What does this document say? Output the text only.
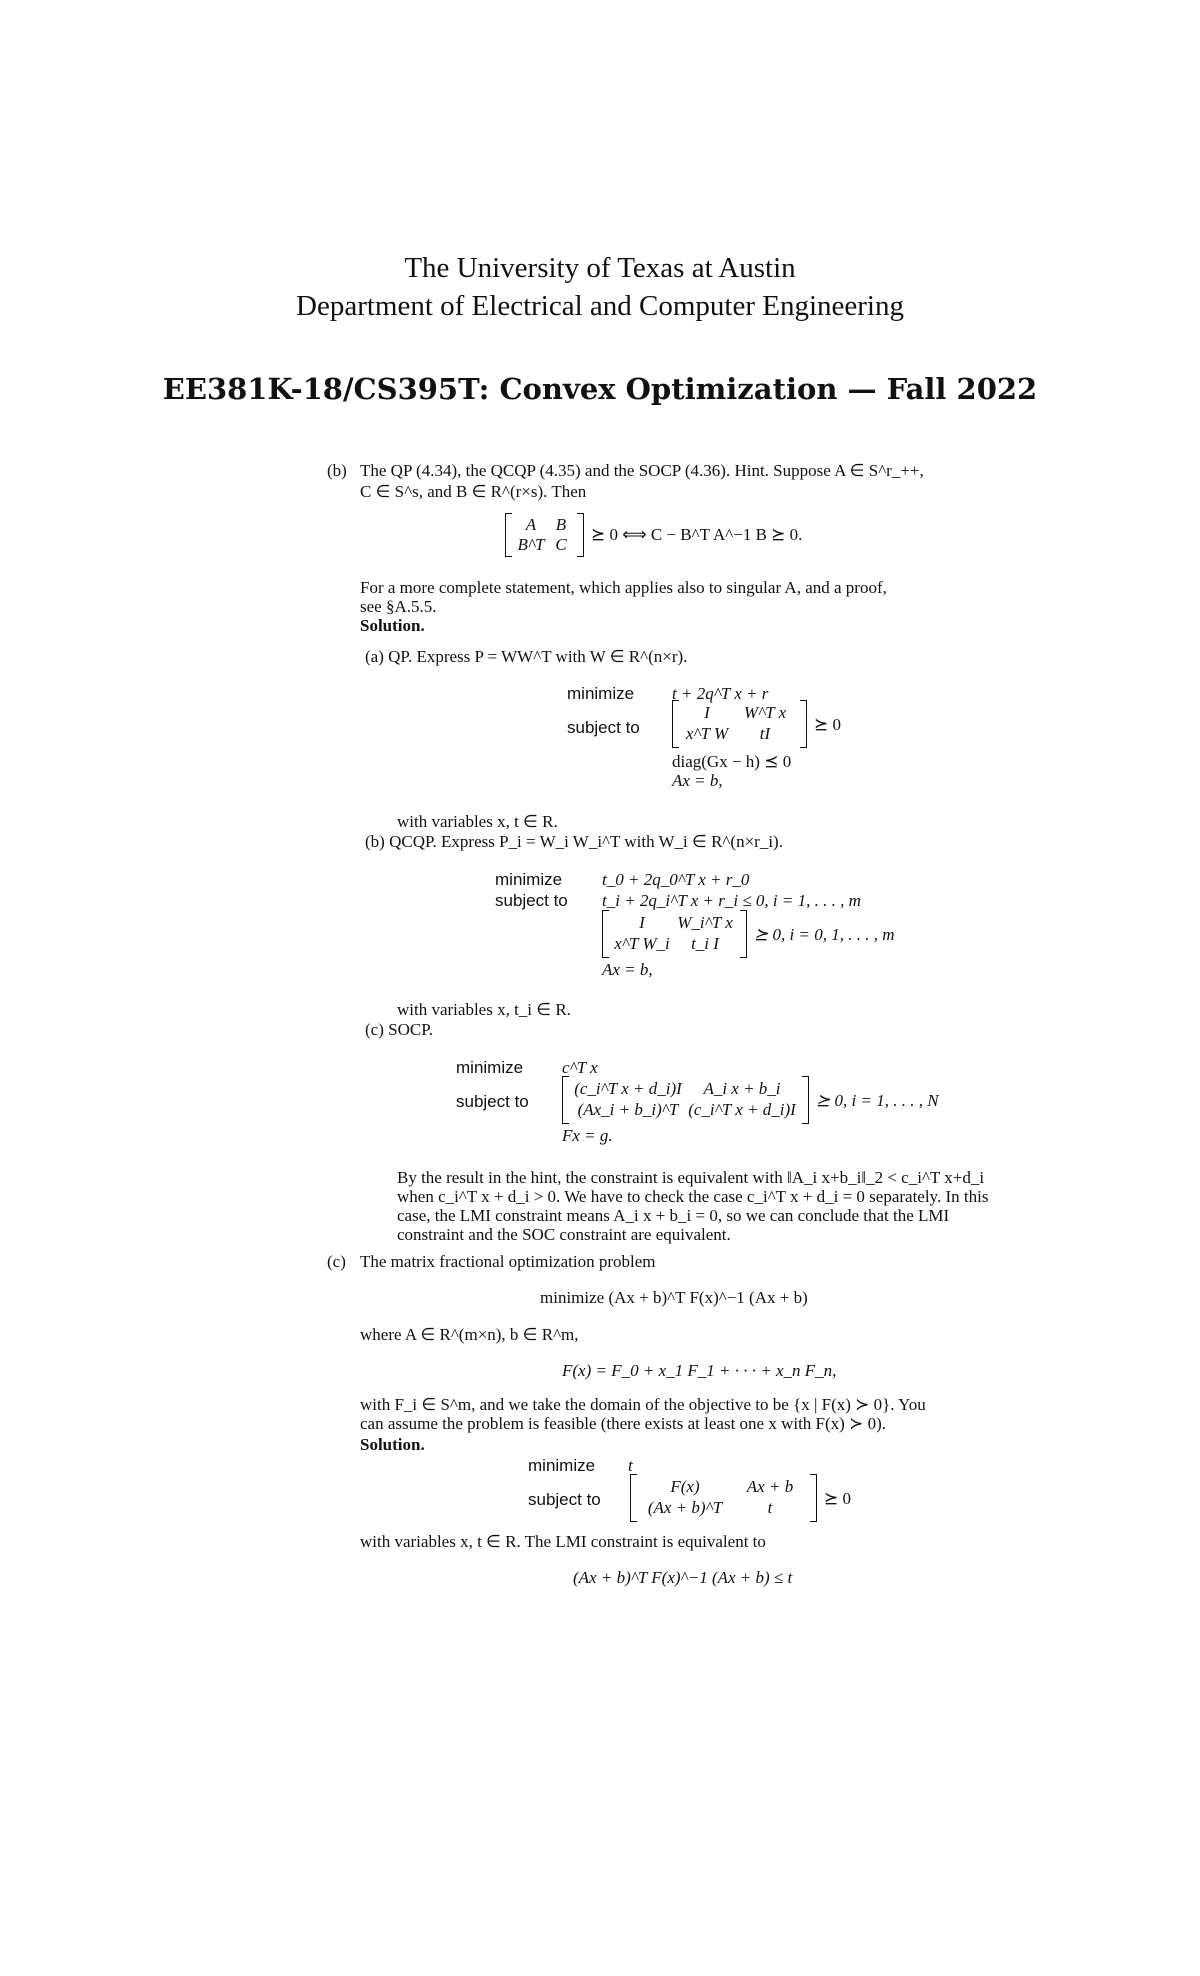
The University of Texas at Austin
Department of Electrical and Computer Engineering
EE381K-18/CS395T: Convex Optimization — Fall 2022
(b) The QP (4.34), the QCQP (4.35) and the SOCP (4.36). Hint. Suppose A ∈ S^r_++,
C ∈ S^s, and B ∈ R^(r×s). Then
A	B
B^T C
⪰ 0 ⟺ C − B^T A^−1 B ⪰ 0.
For a more complete statement, which applies also to singular A, and a proof,
see §A.5.5.
Solution.
(a) QP. Express P = WW^T with W ∈ R^(n×r).
minimize t + 2q^T x + r
subject to
I	W^T x
x^T W	tI	⪰ 0
diag(Gx − h) ⪯ 0
Ax = b,
with variables x, t ∈ R.
(b) QCQP. Express P_i = W_i W_i^T with W_i ∈ R^(n×r_i).
minimize t_0 + 2q_0^T x + r_0
subject to t_i + 2q_i^T x + r_i ≤ 0, i = 1, . . . , m
I	W_i^T x
x^T W_i	t_i I	⪰ 0, i = 0, 1, . . . , m
Ax = b,
with variables x, t_i ∈ R.
(c) SOCP.
minimize c^T x
subject to
(c_i^T x + d_i)I	A_i x + b_i
(Ax_i + b_i)^T (c_i^T x + d_i)I ⪰ 0, i = 1, . . . , N
Fx = g.
By the result in the hint, the constraint is equivalent with ‖A_i x+b_i‖_2 < c_i^T x+d_i
when c_i^T x + d_i > 0. We have to check the case c_i^T x + d_i = 0 separately. In this
case, the LMI constraint means A_i x + b_i = 0, so we can conclude that the LMI
constraint and the SOC constraint are equivalent.
(c) The matrix fractional optimization problem
minimize (Ax + b)^T F(x)^−1 (Ax + b)
where A ∈ R^(m×n), b ∈ R^m,
F(x) = F_0 + x_1 F_1 + · · · + x_n F_n,
with F_i ∈ S^m, and we take the domain of the objective to be {x | F(x) ≻ 0}. You
can assume the problem is feasible (there exists at least one x with F(x) ≻ 0).
Solution.
minimize t
subject to
F(x)	Ax + b
(Ax + b)^T	t	⪰ 0
with variables x, t ∈ R. The LMI constraint is equivalent to
(Ax + b)^T F(x)^−1 (Ax + b) ≤ t
